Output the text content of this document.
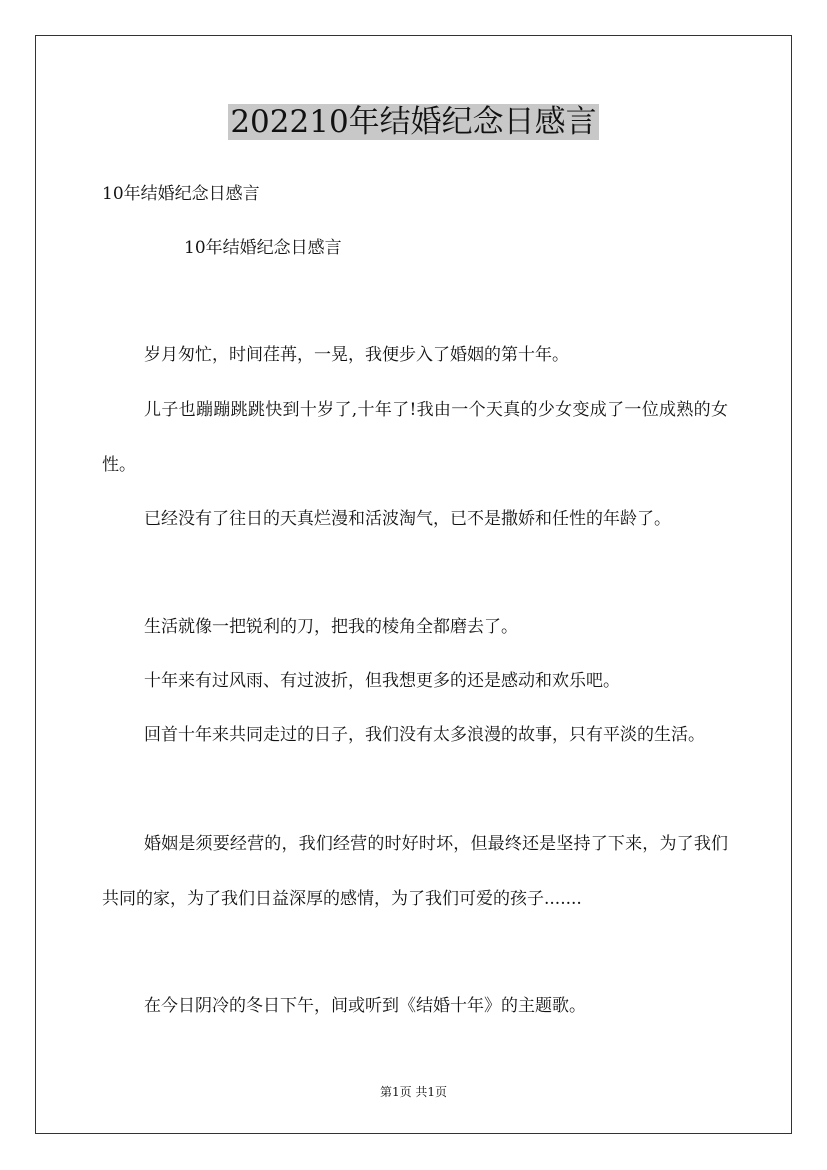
202210年结婚纪念日感言
10年结婚纪念日感言
10年结婚纪念日感言

岁月匆忙，时间荏苒，一晃，我便步入了婚姻的第十年。

儿子也蹦蹦跳跳快到十岁了,十年了!我由一个天真的少女变成了一位成熟的女性。

已经没有了往日的天真烂漫和活波淘气，已不是撒娇和任性的年龄了。

生活就像一把锐利的刀，把我的棱角全都磨去了。

十年来有过风雨、有过波折，但我想更多的还是感动和欢乐吧。

回首十年来共同走过的日子，我们没有太多浪漫的故事，只有平淡的生活。

婚姻是须要经营的，我们经营的时好时坏，但最终还是坚持了下来，为了我们共同的家，为了我们日益深厚的感情，为了我们可爱的孩子.......

在今日阴冷的冬日下午，间或听到《结婚十年》的主题歌。

第1页 共1页
